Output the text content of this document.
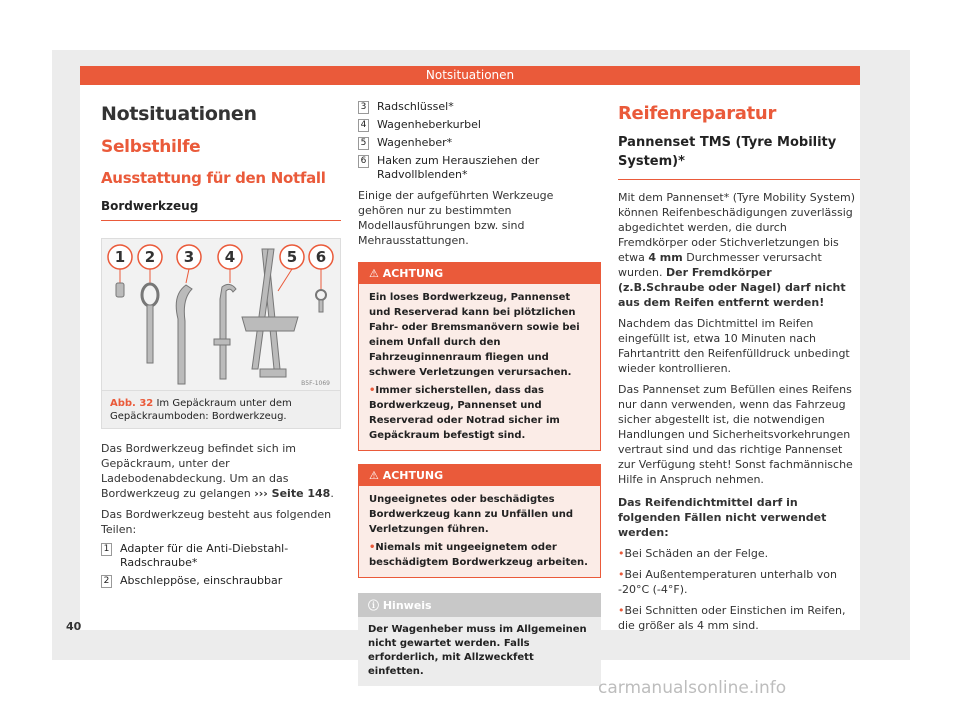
Notsituationen
Notsituationen
Selbsthilfe
Ausstattung für den Notfall
Bordwerkzeug
1 2 3 4	5 6
B5F-1069
Abb. 32 Im Gepäckraum unter dem Gepäckraumboden: Bordwerkzeug.

Das Bordwerkzeug befindet sich im Gepäckraum, unter der Ladebodenabdeckung. Um an das Bordwerkzeug zu gelangen ››› Seite 148.

Das Bordwerkzeug besteht aus folgenden Teilen:

1 Adapter für die Anti-Diebstahl-Radschraube*
2 Abschleppöse, einschraubbar
3 Radschlüssel*
4 Wagenheberkurbel
5 Wagenheber*
6 Haken zum Herausziehen der Radvollblenden*

Einige der aufgeführten Werkzeuge gehören nur zu bestimmten Modellausführungen bzw. sind Mehrausstattungen.

⚠ ACHTUNG
Ein loses Bordwerkzeug, Pannenset und Reserverad kann bei plötzlichen Fahr- oder Bremsmanövern sowie bei einem Unfall durch den Fahrzeuginnenraum fliegen und schwere Verletzungen verursachen.
• Immer sicherstellen, dass das Bordwerkzeug, Pannenset und Reserverad oder Notrad sicher im Gepäckraum befestigt sind.
⚠ ACHTUNG
Ungeeignetes oder beschädigtes Bordwerkzeug kann zu Unfällen und Verletzungen führen.
• Niemals mit ungeeignetem oder beschädigtem Bordwerkzeug arbeiten.
ⓘ Hinweis
Der Wagenheber muss im Allgemeinen nicht gewartet werden. Falls erforderlich, mit Allzweckfett einfetten.
Reifenreparatur
Pannenset TMS (Tyre Mobility System)*

Mit dem Pannenset* (Tyre Mobility System) können Reifenbeschädigungen zuverlässig abgedichtet werden, die durch Fremdkörper oder Stichverletzungen bis etwa 4 mm Durchmesser verursacht wurden. Der Fremdkörper (z.B.Schraube oder Nagel) darf nicht aus dem Reifen entfernt werden!

Nachdem das Dichtmittel im Reifen eingefüllt ist, etwa 10 Minuten nach Fahrtantritt den Reifenfülldruck unbedingt wieder kontrollieren.

Das Pannenset zum Befüllen eines Reifens nur dann verwenden, wenn das Fahrzeug sicher abgestellt ist, die notwendigen Handlungen und Sicherheitsvorkehrungen vertraut sind und das richtige Pannenset zur Verfügung steht! Sonst fachmännische Hilfe in Anspruch nehmen.

Das Reifendichtmittel darf in folgenden Fällen nicht verwendet werden:

• Bei Schäden an der Felge.

• Bei Außentemperaturen unterhalb von -20°C (-4°F).

• Bei Schnitten oder Einstichen im Reifen, die größer als 4 mm sind.

40
carmanualsonline.info
